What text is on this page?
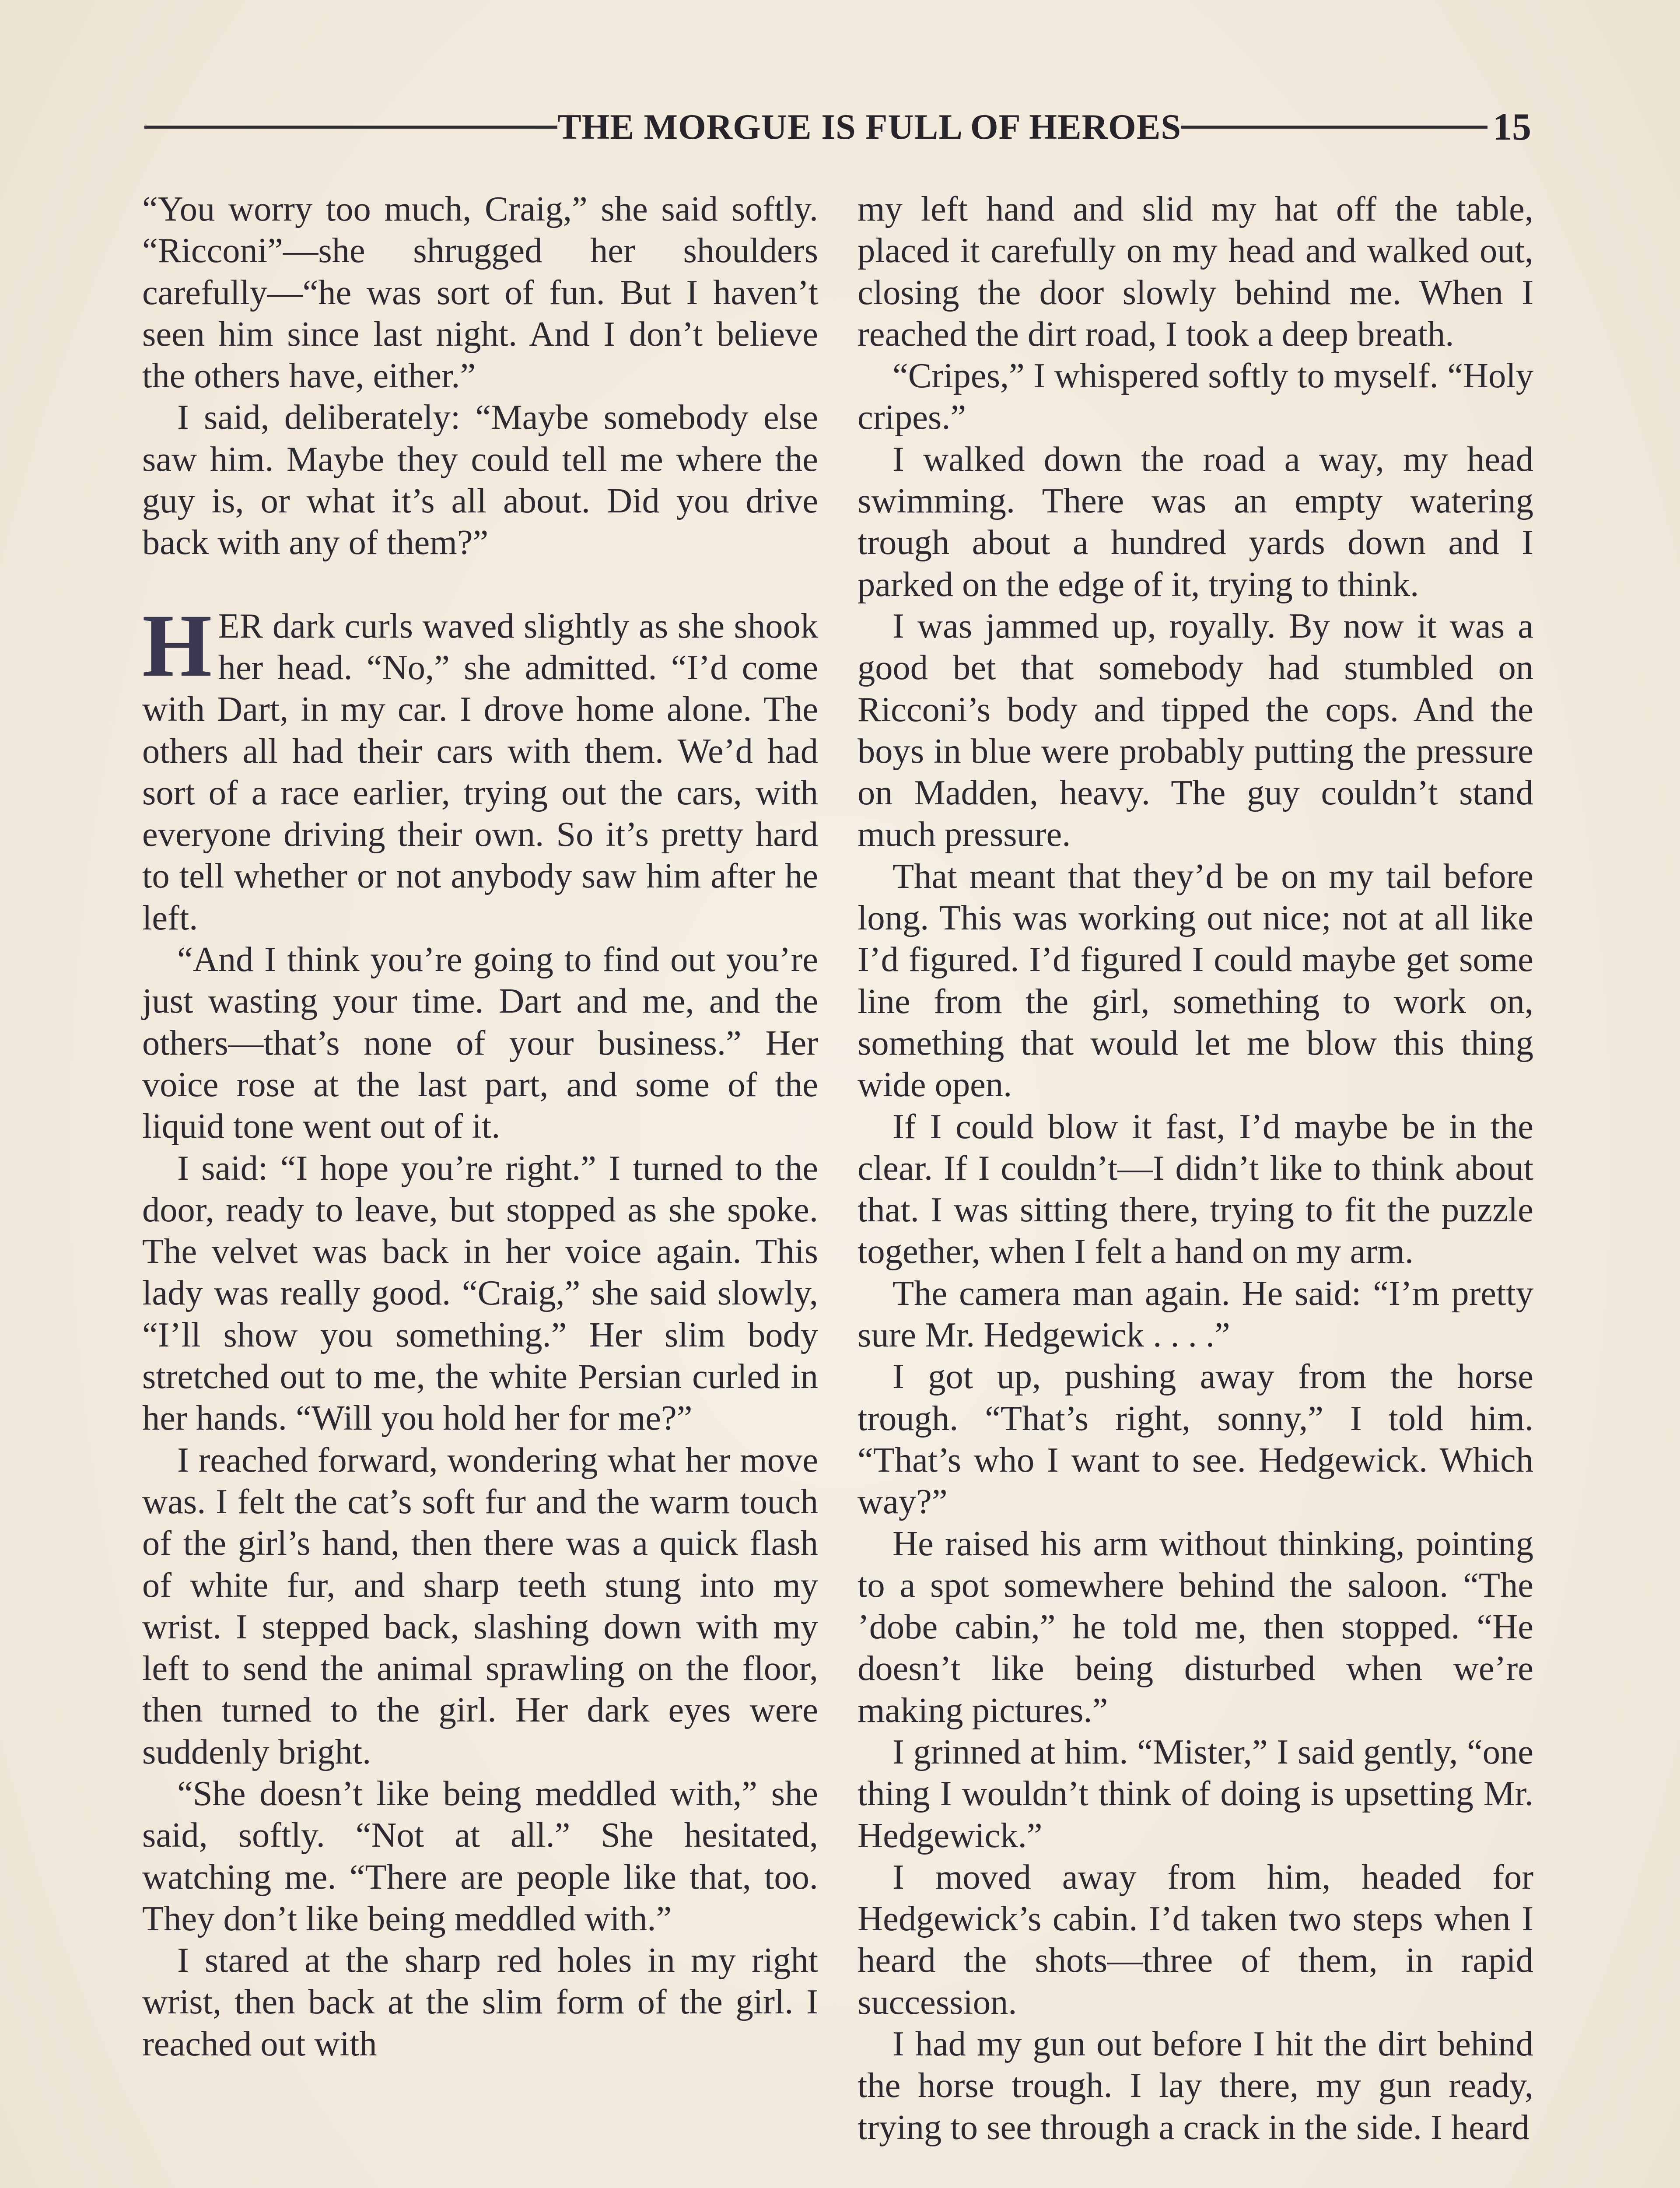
THE MORGUE IS FULL OF HEROES	15

“You worry too much, Craig,” she said softly. “Ricconi”—she shrugged her shoulders carefully—“he was sort of fun. But I haven’t seen him since last night. And I don’t believe the others have, either.”

I said, deliberately: “Maybe somebody else saw him. Maybe they could tell me where the guy is, or what it’s all about. Did you drive back with any of them?”

HER dark curls waved slightly as she shook her head. “No,” she admitted. “I’d come with Dart, in my car. I drove home alone. The others all had their cars with them. We’d had sort of a race earlier, trying out the cars, with everyone driving their own. So it’s pretty hard to tell whether or not anybody saw him after he left.

“And I think you’re going to find out you’re just wasting your time. Dart and me, and the others—that’s none of your business.” Her voice rose at the last part, and some of the liquid tone went out of it.

I said: “I hope you’re right.” I turned to the door, ready to leave, but stopped as she spoke. The velvet was back in her voice again. This lady was really good. “Craig,” she said slowly, “I’ll show you something.” Her slim body stretched out to me, the white Persian curled in her hands. “Will you hold her for me?”

I reached forward, wondering what her move was. I felt the cat’s soft fur and the warm touch of the girl’s hand, then there was a quick flash of white fur, and sharp teeth stung into my wrist. I stepped back, slashing down with my left to send the animal sprawling on the floor, then turned to the girl. Her dark eyes were suddenly bright.

“She doesn’t like being meddled with,” she said, softly. “Not at all.” She hesitated, watching me. “There are people like that, too. They don’t like being meddled with.”

I stared at the sharp red holes in my right wrist, then back at the slim form of the girl. I reached out with

my left hand and slid my hat off the table, placed it carefully on my head and walked out, closing the door slowly behind me. When I reached the dirt road, I took a deep breath.

“Cripes,” I whispered softly to myself. “Holy cripes.”

I walked down the road a way, my head swimming. There was an empty watering trough about a hundred yards down and I parked on the edge of it, trying to think.

I was jammed up, royally. By now it was a good bet that somebody had stumbled on Ricconi’s body and tipped the cops. And the boys in blue were probably putting the pressure on Madden, heavy. The guy couldn’t stand much pressure.

That meant that they’d be on my tail before long. This was working out nice; not at all like I’d figured. I’d figured I could maybe get some line from the girl, something to work on, something that would let me blow this thing wide open.

If I could blow it fast, I’d maybe be in the clear. If I couldn’t—I didn’t like to think about that. I was sitting there, trying to fit the puzzle together, when I felt a hand on my arm.

The camera man again. He said: “I’m pretty sure Mr. Hedgewick . . . .”

I got up, pushing away from the horse trough. “That’s right, sonny,” I told him. “That’s who I want to see. Hedgewick. Which way?”

He raised his arm without thinking, pointing to a spot somewhere behind the saloon. “The ’dobe cabin,” he told me, then stopped. “He doesn’t like being disturbed when we’re making pictures.”

I grinned at him. “Mister,” I said gently, “one thing I wouldn’t think of doing is upsetting Mr. Hedgewick.”

I moved away from him, headed for Hedgewick’s cabin. I’d taken two steps when I heard the shots—three of them, in rapid succession.

I had my gun out before I hit the dirt behind the horse trough. I lay there, my gun ready, trying to see through a crack in the side. I heard
